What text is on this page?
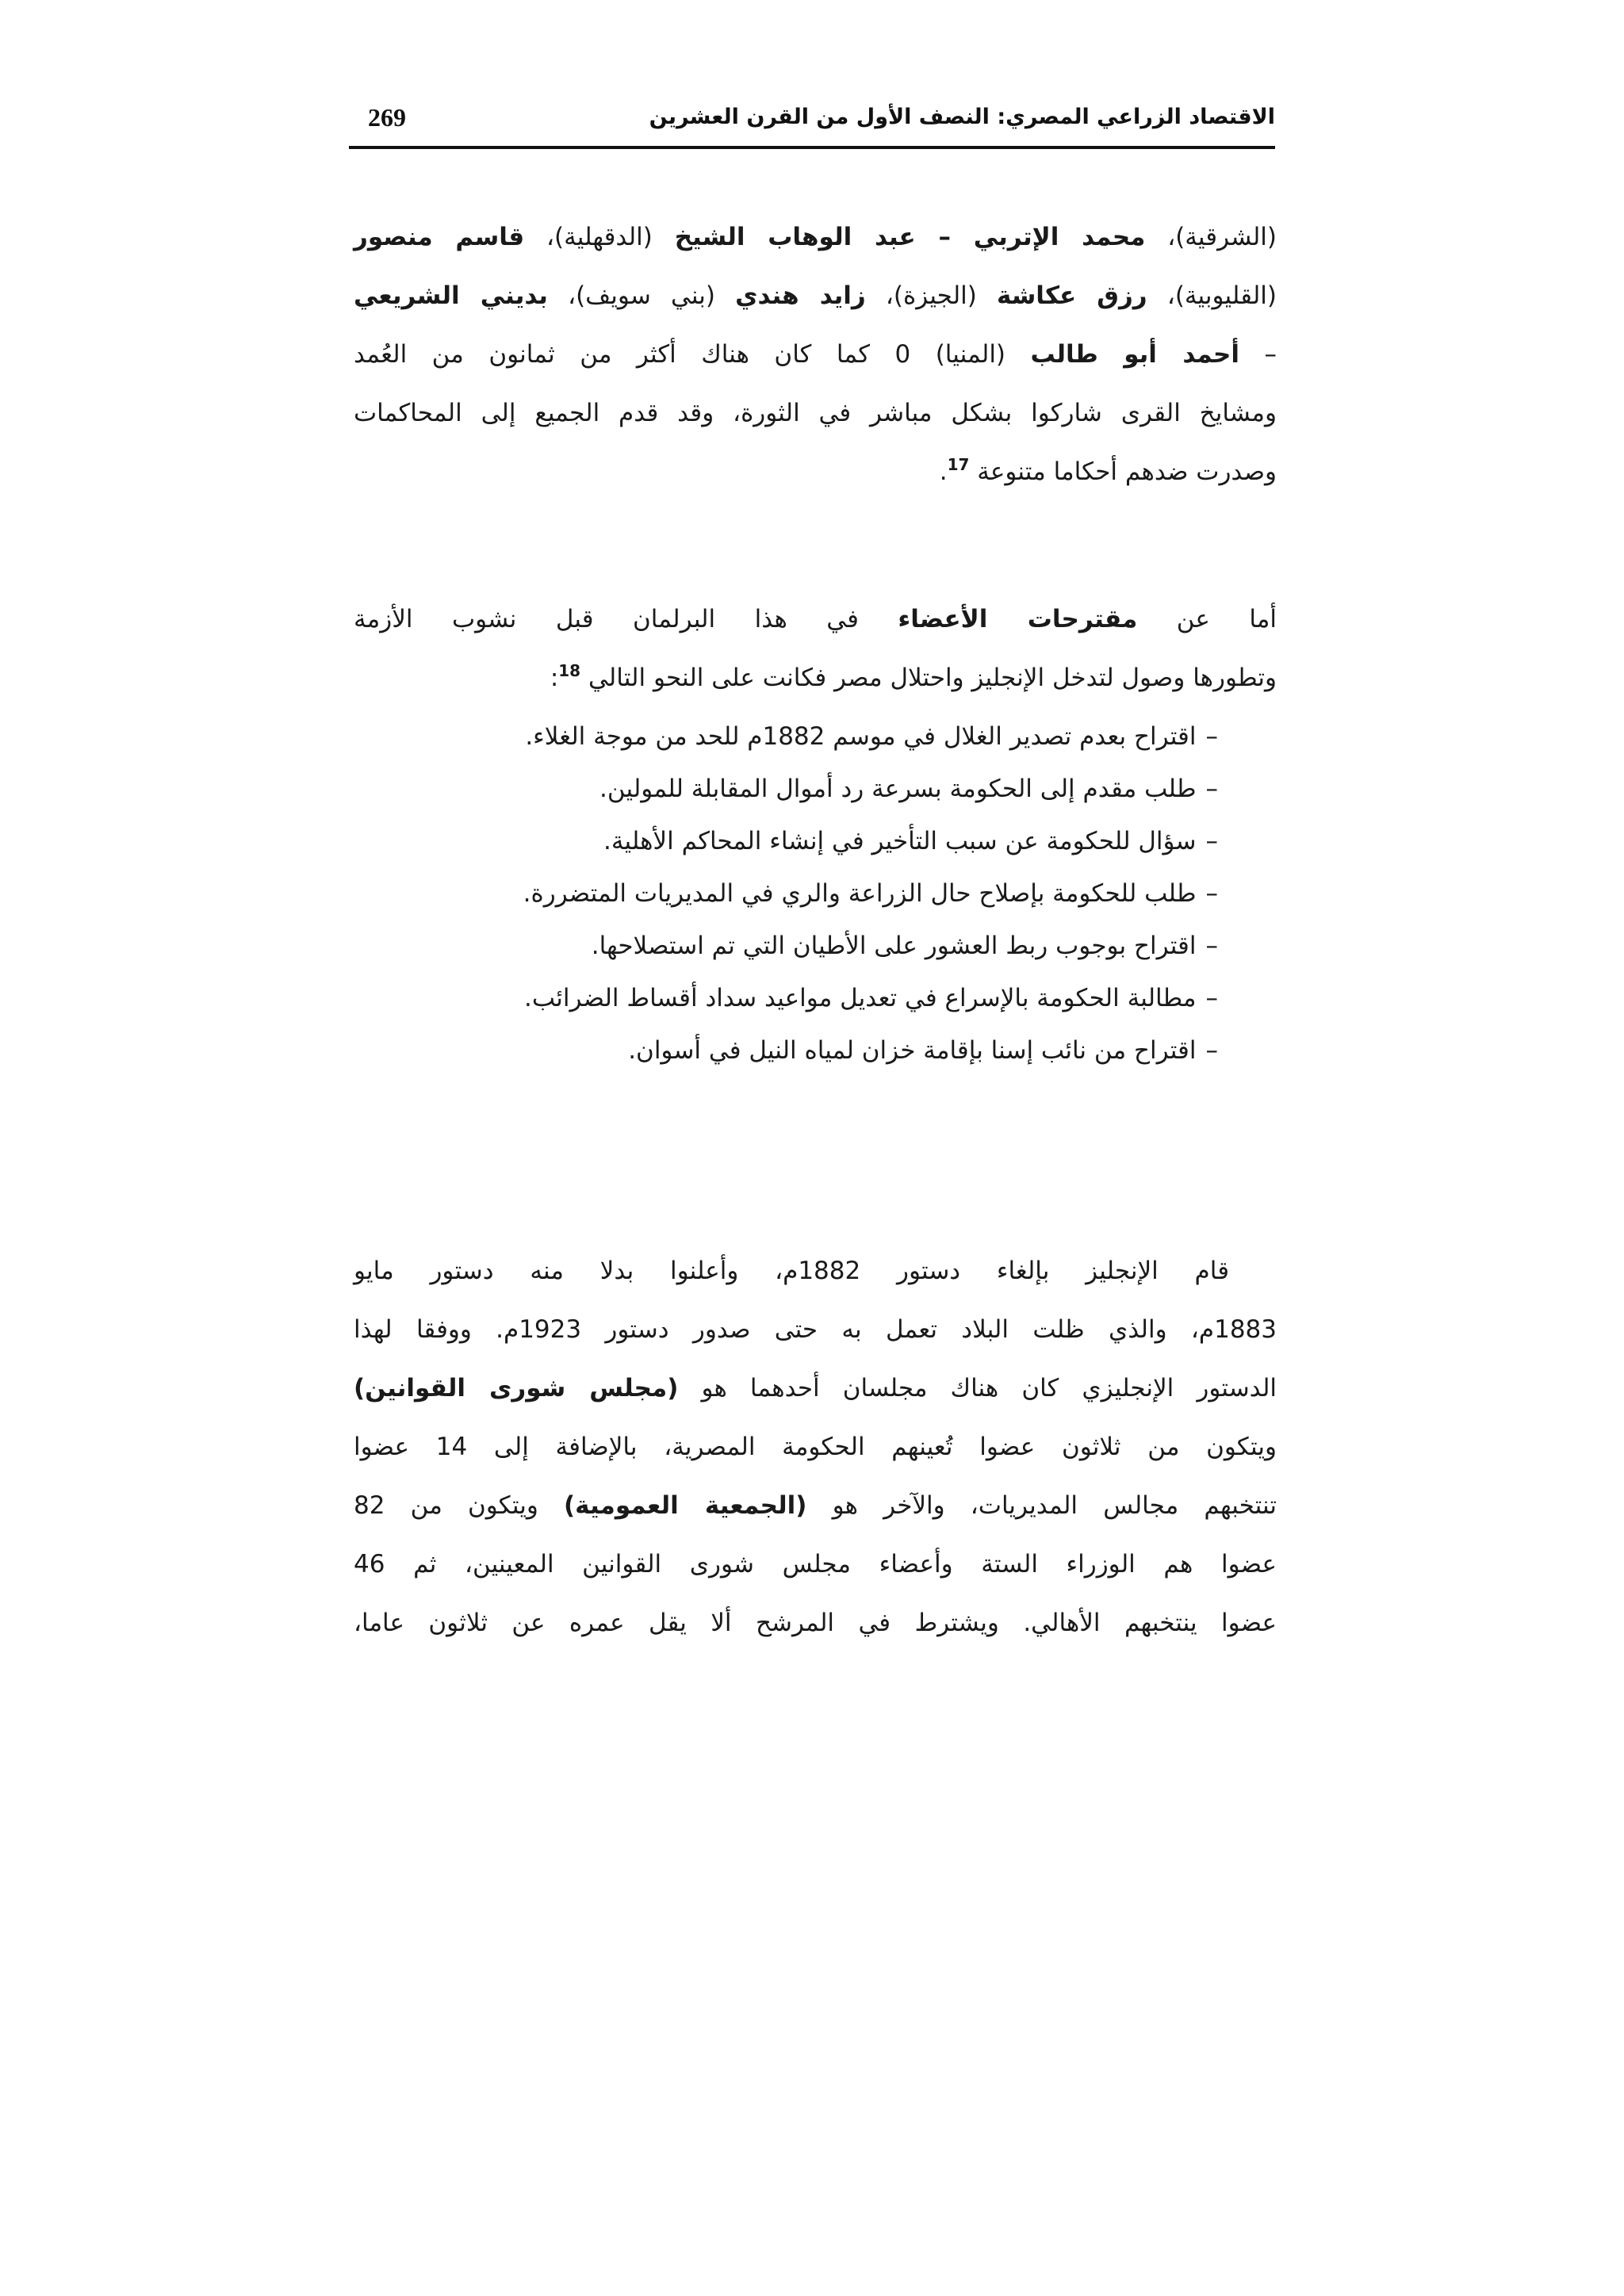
الاقتصاد الزراعي المصري: النصف الأول من القرن العشرين
269

(الشرقية)، محمد الإتربي – عبد الوهاب الشيخ (الدقهلية)، قاسم منصور
(القليوبية)، رزق عكاشة (الجيزة)، زايد هندي (بني سويف)، بديني الشريعي
– أحمد أبو طالب (المنيا) 0 كما كان هناك أكثر من ثمانون من العُمد
ومشايخ القرى شاركوا بشكل مباشر في الثورة، وقد قدم الجميع إلى المحاكمات
وصدرت ضدهم أحكاما متنوعة $^{17}$.

أما عن مقترحات الأعضاء في هذا البرلمان قبل نشوب الأزمة
وتطورها وصول لتدخل الإنجليز واحتلال مصر فكانت على النحو التالي $^{18}$:

–اقتراح بعدم تصدير الغلال في موسم 1882م للحد من موجة الغلاء.
–طلب مقدم إلى الحكومة بسرعة رد أموال المقابلة للمولين.
–سؤال للحكومة عن سبب التأخير في إنشاء المحاكم الأهلية.
–طلب للحكومة بإصلاح حال الزراعة والري في المديريات المتضررة.
–اقتراح بوجوب ربط العشور على الأطيان التي تم استصلاحها.
–مطالبة الحكومة بالإسراع في تعديل مواعيد سداد أقساط الضرائب.
–اقتراح من نائب إسنا بإقامة خزان لمياه النيل في أسوان.

قام الإنجليز بإلغاء دستور 1882م، وأعلنوا بدلا منه دستور مايو
1883م، والذي ظلت البلاد تعمل به حتى صدور دستور 1923م. ووفقا لهذا
الدستور الإنجليزي كان هناك مجلسان أحدهما هو (مجلس شورى القوانين)
ويتكون من ثلاثون عضوا تُعينهم الحكومة المصرية، بالإضافة إلى 14 عضوا
تنتخبهم مجالس المديريات، والآخر هو (الجمعية العمومية) ويتكون من 82
عضوا هم الوزراء الستة وأعضاء مجلس شورى القوانين المعينين، ثم 46
عضوا ينتخبهم الأهالي. ويشترط في المرشح ألا يقل عمره عن ثلاثون عاما،
